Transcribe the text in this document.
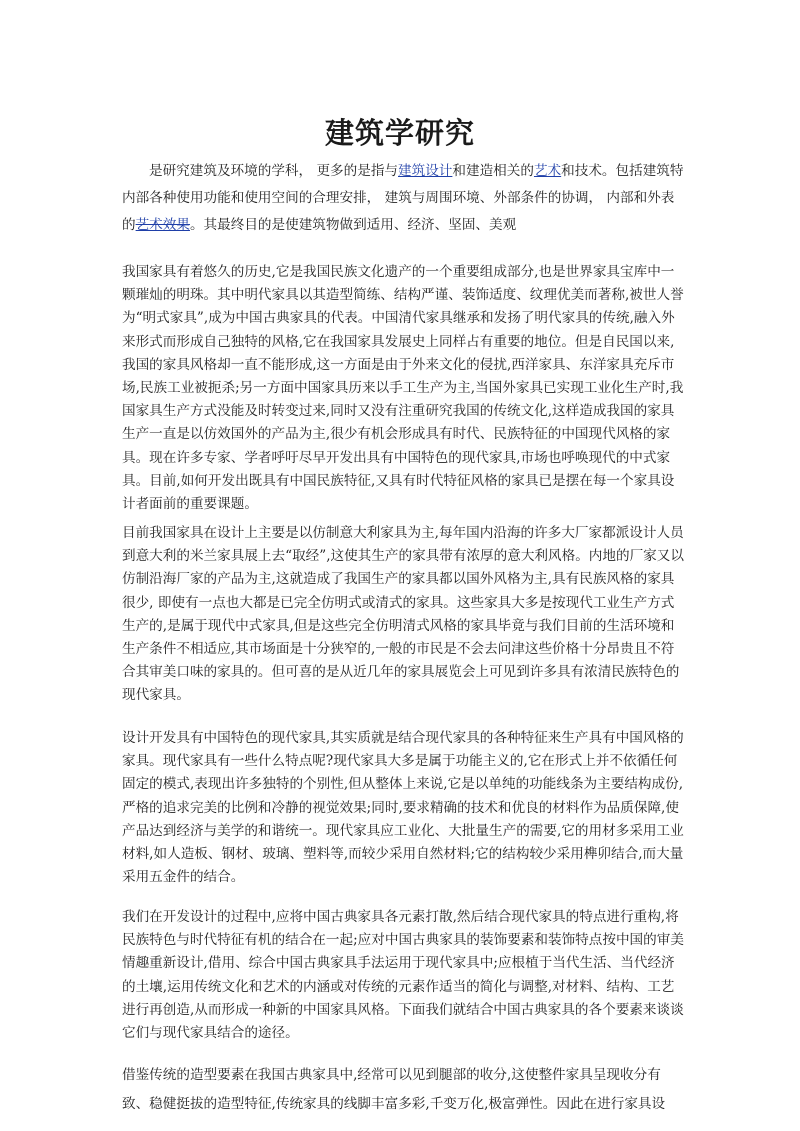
建筑学研究

是研究建筑及环境的学科， 更多的是指与建筑设计和建造相关的艺术和技术。包括建筑特内部各种使用功能和使用空间的合理安排， 建筑与周围环境、外部条件的协调， 内部和外表的艺术效果。其最终目的是使建筑物做到适用、经济、坚固、美观

我国家具有着悠久的历史,它是我国民族文化遗产的一个重要组成部分,也是世界家具宝库中一颗璀灿的明珠。其中明代家具以其造型简练、结构严谨、装饰适度、纹理优美而著称,被世人誉为“明式家具”,成为中国古典家具的代表。中国清代家具继承和发扬了明代家具的传统,融入外来形式而形成自己独特的风格,它在我国家具发展史上同样占有重要的地位。但是自民国以来,我国的家具风格却一直不能形成,这一方面是由于外来文化的侵扰,西洋家具、东洋家具充斥市场,民族工业被扼杀;另一方面中国家具历来以手工生产为主,当国外家具已实现工业化生产时,我国家具生产方式没能及时转变过来,同时又没有注重研究我国的传统文化,这样造成我国的家具生产一直是以仿效国外的产品为主,很少有机会形成具有时代、民族特征的中国现代风格的家具。现在许多专家、学者呼吁尽早开发出具有中国特色的现代家具,市场也呼唤现代的中式家具。目前,如何开发出既具有中国民族特征,又具有时代特征风格的家具已是摆在每一个家具设计者面前的重要课题。

目前我国家具在设计上主要是以仿制意大利家具为主,每年国内沿海的许多大厂家都派设计人员到意大利的米兰家具展上去“取经”,这使其生产的家具带有浓厚的意大利风格。内地的厂家又以仿制沿海厂家的产品为主,这就造成了我国生产的家具都以国外风格为主,具有民族风格的家具很少, 即使有一点也大都是已完全仿明式或清式的家具。这些家具大多是按现代工业生产方式生产的,是属于现代中式家具,但是这些完全仿明清式风格的家具毕竟与我们目前的生活环境和生产条件不相适应,其市场面是十分狭窄的,一般的市民是不会去问津这些价格十分昂贵且不符合其审美口味的家具的。但可喜的是从近几年的家具展览会上可见到许多具有浓清民族特色的现代家具。

设计开发具有中国特色的现代家具,其实质就是结合现代家具的各种特征来生产具有中国风格的家具。现代家具有一些什么特点呢?现代家具大多是属于功能主义的,它在形式上并不依循任何固定的模式,表现出许多独特的个别性,但从整体上来说,它是以单纯的功能线条为主要结构成份,严格的追求完美的比例和冷静的视觉效果;同时,要求精确的技术和优良的材料作为品质保障,使产品达到经济与美学的和谐统一。现代家具应工业化、大批量生产的需要,它的用材多采用工业材料,如人造板、钢材、玻璃、塑料等,而较少采用自然材料;它的结构较少采用榫卯结合,而大量采用五金件的结合。

我们在开发设计的过程中,应将中国古典家具各元素打散,然后结合现代家具的特点进行重构,将民族特色与时代特征有机的结合在一起;应对中国古典家具的装饰要素和装饰特点按中国的审美情趣重新设计,借用、综合中国古典家具手法运用于现代家具中;应根植于当代生活、当代经济的土壤,运用传统文化和艺术的内涵或对传统的元素作适当的简化与调整,对材料、结构、工艺进行再创造,从而形成一种新的中国家具风格。下面我们就结合中国古典家具的各个要素来谈谈它们与现代家具结合的途径。

借鉴传统的造型要素在我国古典家具中,经常可以见到腿部的收分,这使整件家具呈现收分有致、稳健挺拔的造型特征,传统家具的线脚丰富多彩,千变万化,极富弹性。因此在进行家具设
